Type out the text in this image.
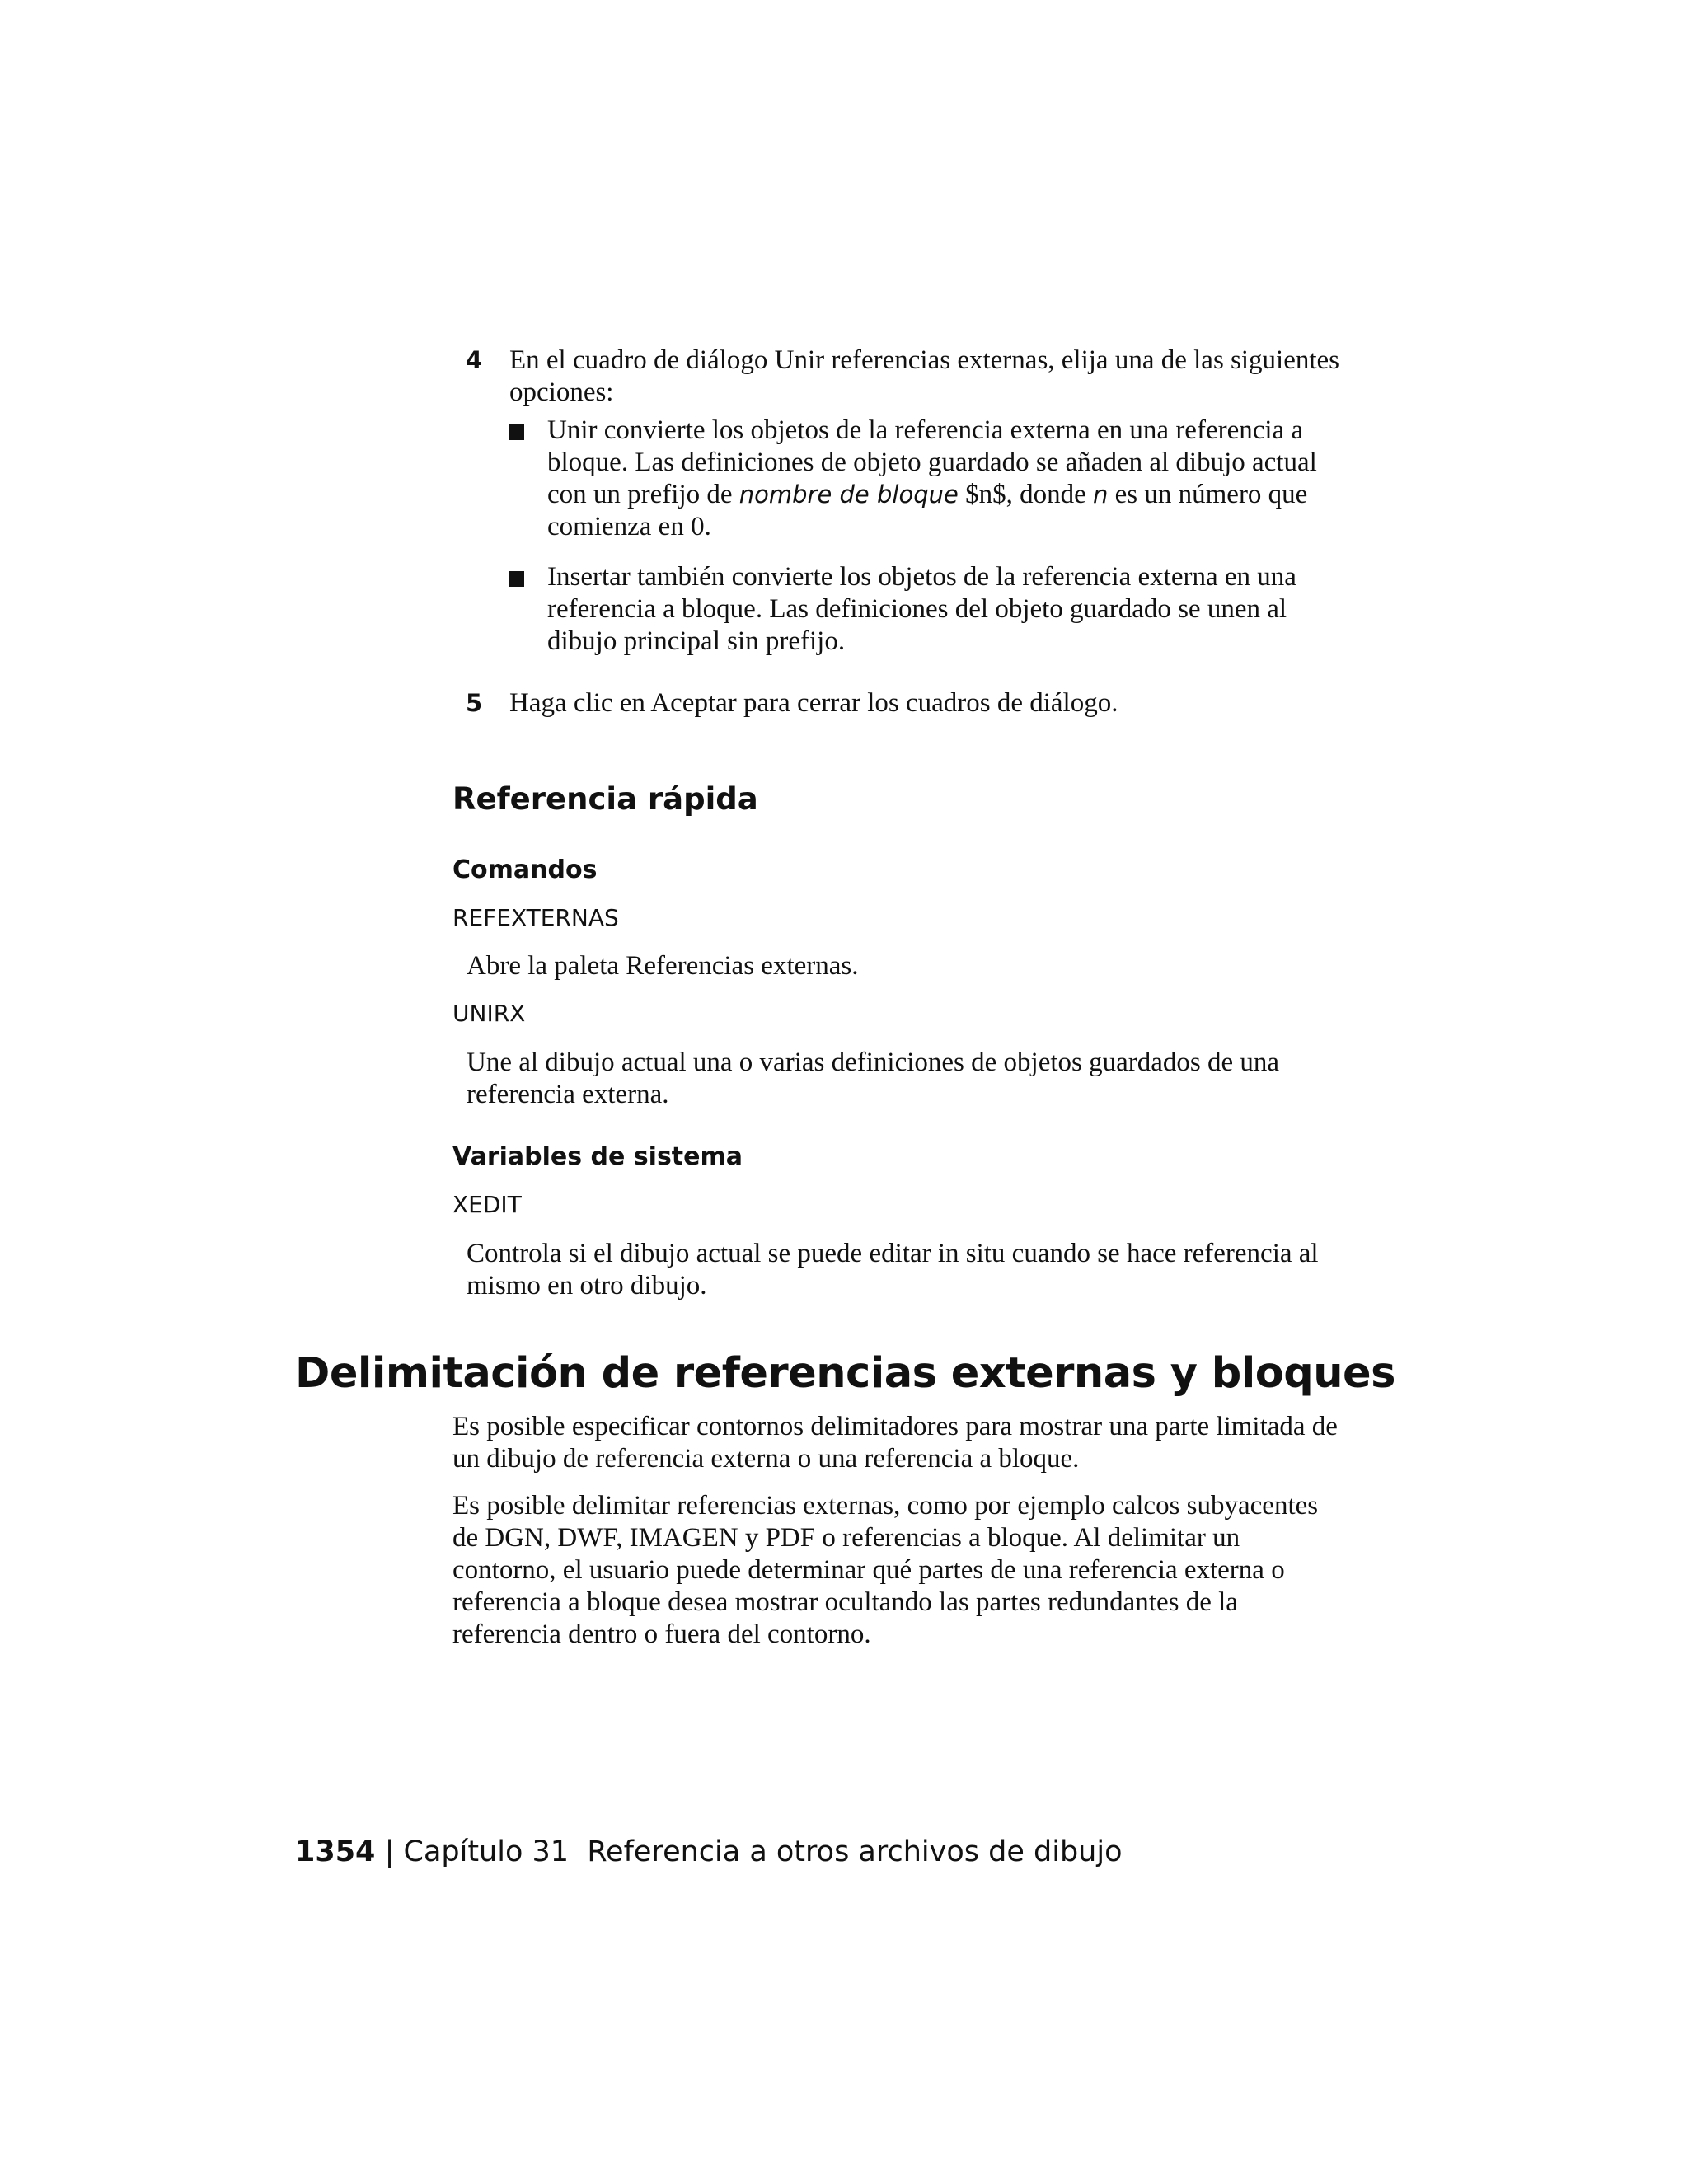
4 En el cuadro de diálogo Unir referencias externas, elija una de las siguientes opciones:
Unir convierte los objetos de la referencia externa en una referencia a bloque. Las definiciones de objeto guardado se añaden al dibujo actual con un prefijo de nombre de bloque $n$, donde n es un número que comienza en 0.
Insertar también convierte los objetos de la referencia externa en una referencia a bloque. Las definiciones del objeto guardado se unen al dibujo principal sin prefijo.
5 Haga clic en Aceptar para cerrar los cuadros de diálogo.
Referencia rápida
Comandos
REFEXTERNAS
Abre la paleta Referencias externas.
UNIRX
Une al dibujo actual una o varias definiciones de objetos guardados de una referencia externa.
Variables de sistema
XEDIT
Controla si el dibujo actual se puede editar in situ cuando se hace referencia al mismo en otro dibujo.
Delimitación de referencias externas y bloques
Es posible especificar contornos delimitadores para mostrar una parte limitada de un dibujo de referencia externa o una referencia a bloque.
Es posible delimitar referencias externas, como por ejemplo calcos subyacentes de DGN, DWF, IMAGEN y PDF o referencias a bloque. Al delimitar un contorno, el usuario puede determinar qué partes de una referencia externa o referencia a bloque desea mostrar ocultando las partes redundantes de la referencia dentro o fuera del contorno.
1354 | Capítulo 31 Referencia a otros archivos de dibujo
